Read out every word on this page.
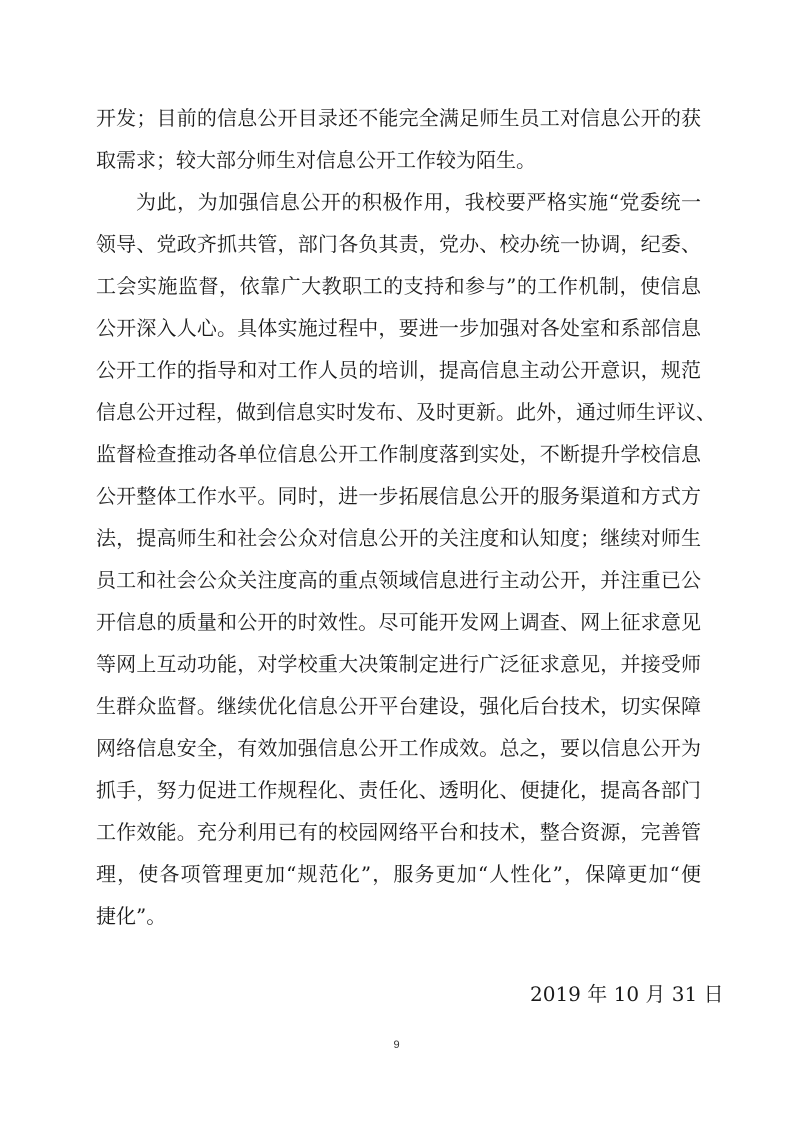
开发；目前的信息公开目录还不能完全满足师生员工对信息公开的获
取需求；较大部分师生对信息公开工作较为陌生。
为此，为加强信息公开的积极作用，我校要严格实施“党委统一
领导、党政齐抓共管，部门各负其责，党办、校办统一协调，纪委、
工会实施监督，依靠广大教职工的支持和参与”的工作机制，使信息
公开深入人心。具体实施过程中，要进一步加强对各处室和系部信息
公开工作的指导和对工作人员的培训，提高信息主动公开意识，规范
信息公开过程，做到信息实时发布、及时更新。此外，通过师生评议、
监督检查推动各单位信息公开工作制度落到实处，不断提升学校信息
公开整体工作水平。同时，进一步拓展信息公开的服务渠道和方式方
法，提高师生和社会公众对信息公开的关注度和认知度；继续对师生
员工和社会公众关注度高的重点领域信息进行主动公开，并注重已公
开信息的质量和公开的时效性。尽可能开发网上调查、网上征求意见
等网上互动功能，对学校重大决策制定进行广泛征求意见，并接受师
生群众监督。继续优化信息公开平台建设，强化后台技术，切实保障
网络信息安全，有效加强信息公开工作成效。总之，要以信息公开为
抓手，努力促进工作规程化、责任化、透明化、便捷化，提高各部门
工作效能。充分利用已有的校园网络平台和技术，整合资源，完善管
理，使各项管理更加“规范化”，服务更加“人性化”，保障更加“便
捷化”。
2019 年 10 月 31 日
9
